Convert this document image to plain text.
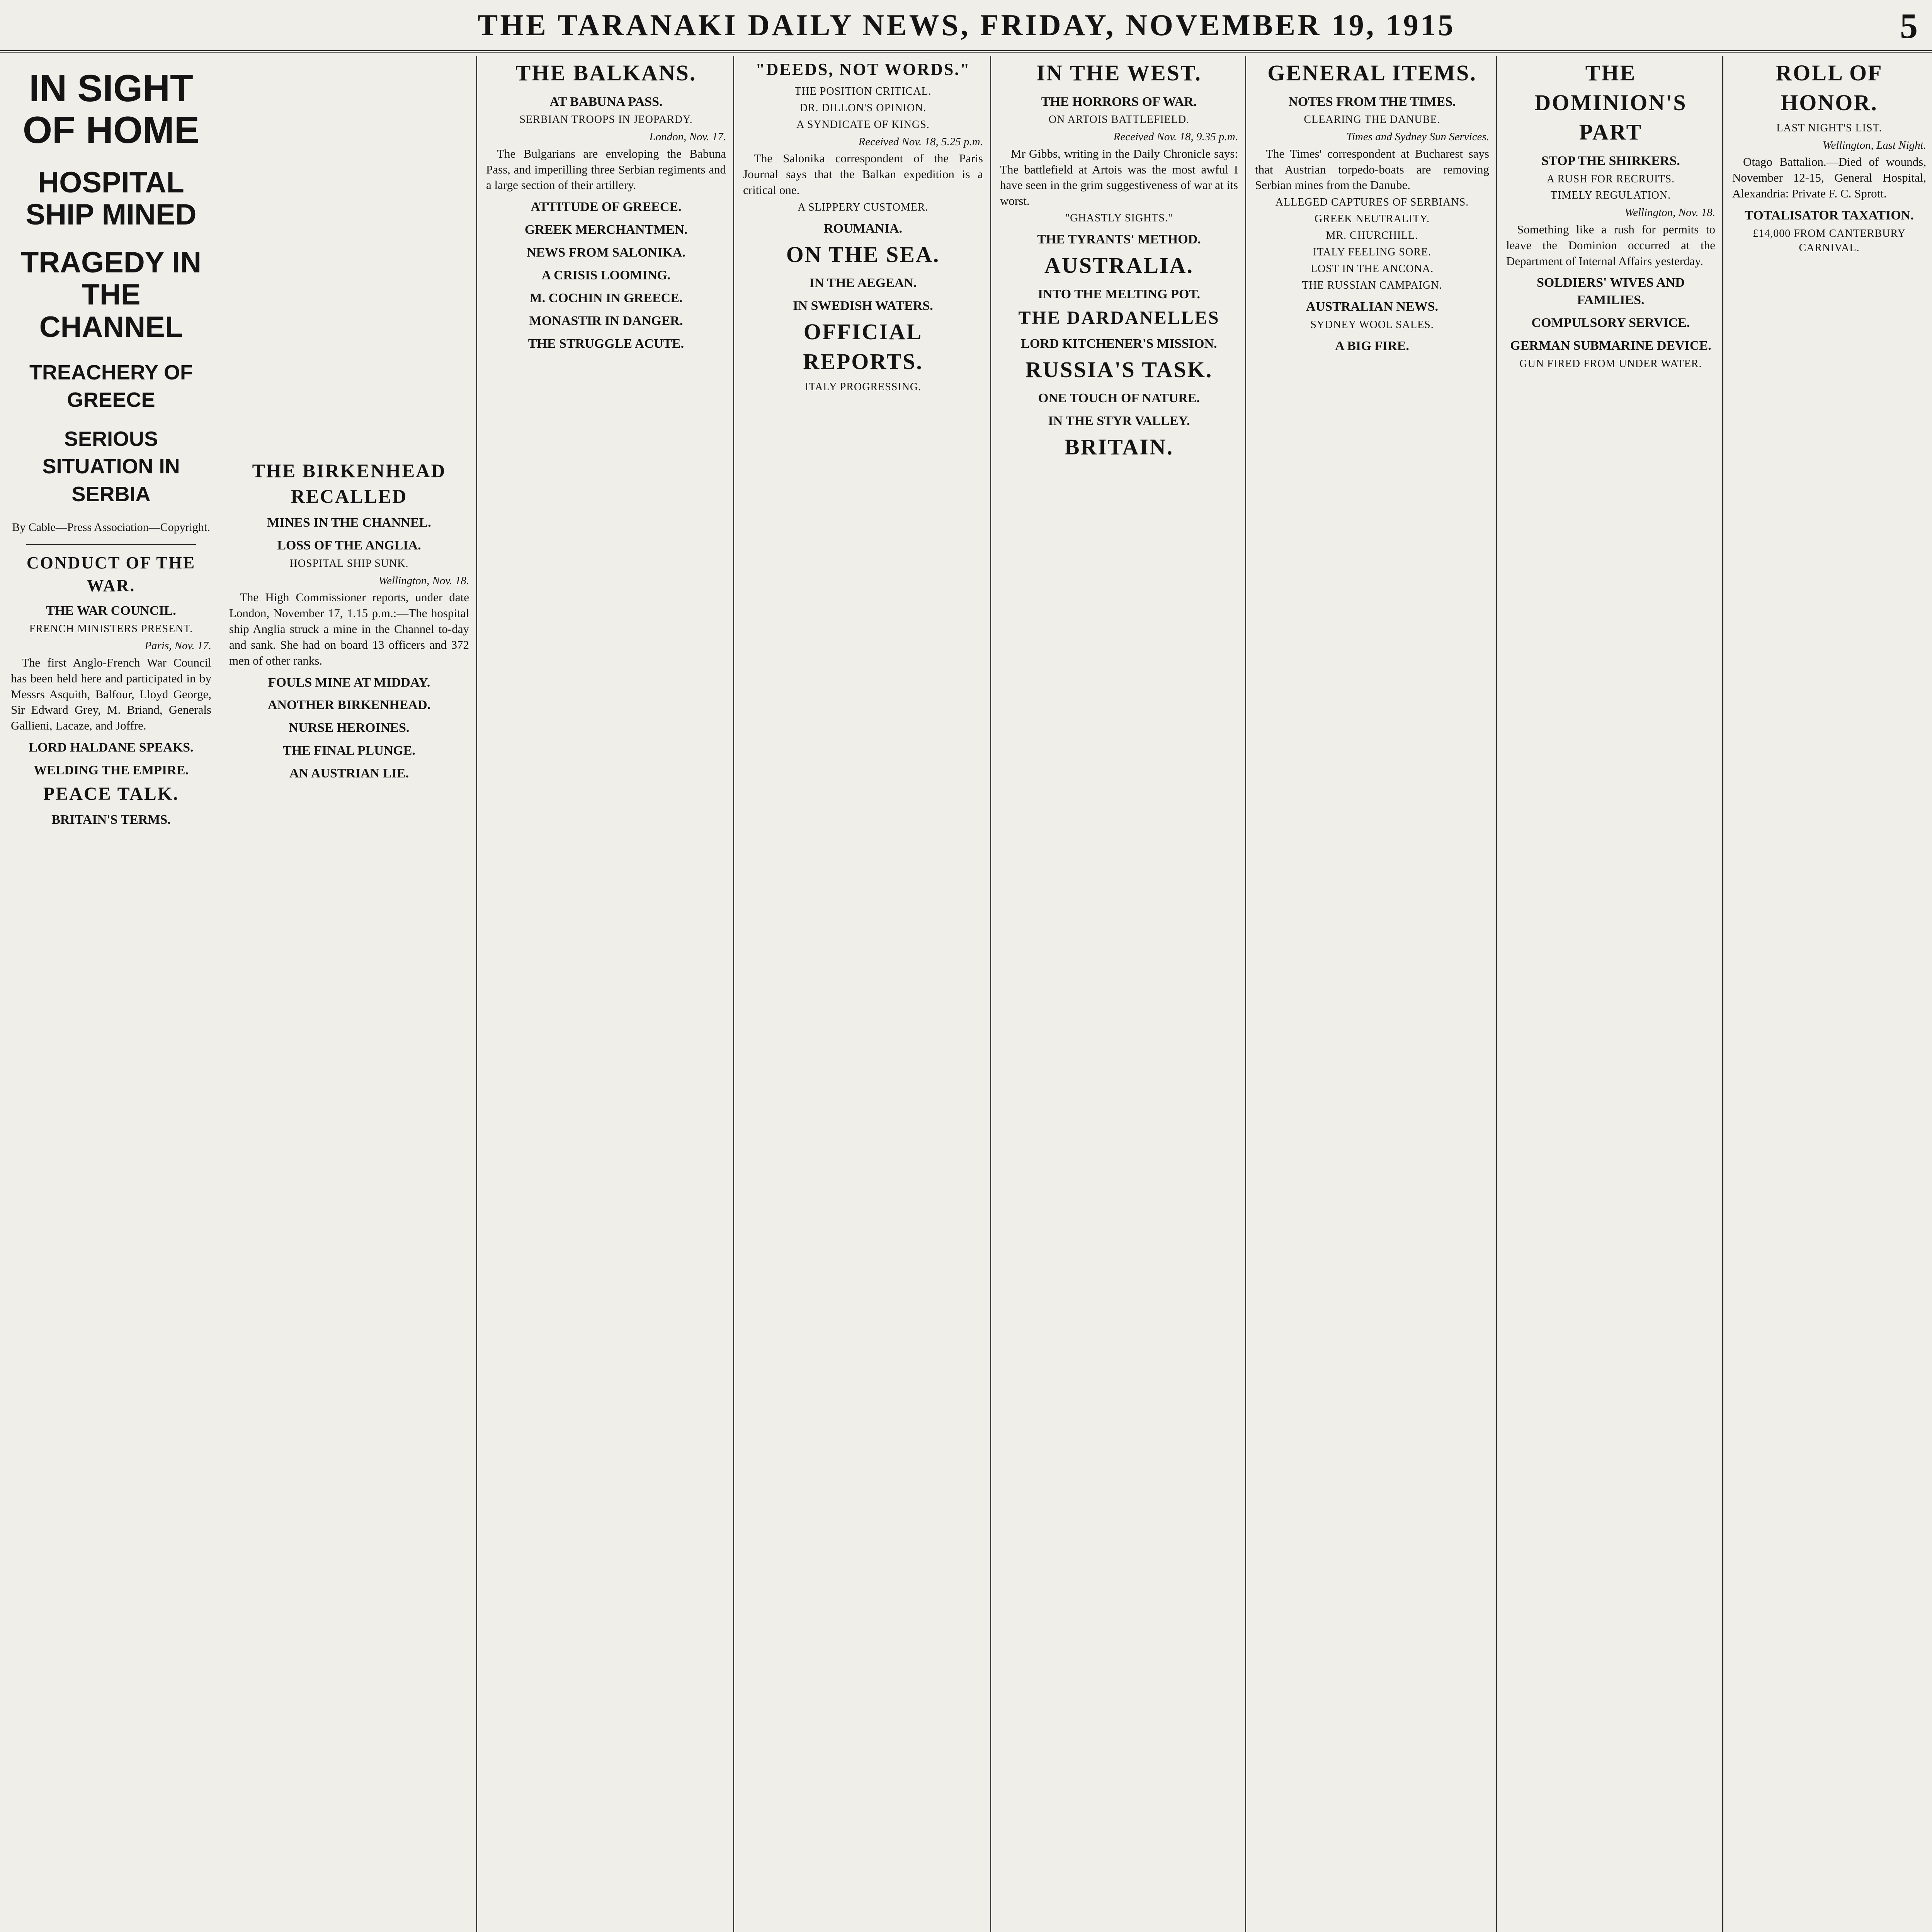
THE TARANAKI DAILY NEWS, FRIDAY, NOVEMBER 19, 1915	5
IN SIGHT OF HOME
HOSPITAL SHIP MINED
TRAGEDY IN THE CHANNEL
TREACHERY OF GREECE
SERIOUS SITUATION IN SERBIA
By Cable—Press Association—Copyright.
CONDUCT OF THE WAR.
THE WAR COUNCIL.
FRENCH MINISTERS PRESENT.
Paris, Nov. 17.

The first Anglo-French War Council has been held here and participated in by Messrs Asquith, Balfour, Lloyd George, Sir Edward Grey, M. Briand, Generals Gallieni, Lacaze, and Joffre.

LORD HALDANE SPEAKS.
WELDING THE EMPIRE.
PEACE TALK.
BRITAIN'S TERMS.
THE BIRKENHEAD RECALLED
MINES IN THE CHANNEL.
LOSS OF THE ANGLIA.
HOSPITAL SHIP SUNK.
Wellington, Nov. 18.

The High Commissioner reports, under date London, November 17, 1.15 p.m.:—The hospital ship Anglia struck a mine in the Channel to-day and sank. She had on board 13 officers and 372 men of other ranks.

FOULS MINE AT MIDDAY.
ANOTHER BIRKENHEAD.
NURSE HEROINES.
THE FINAL PLUNGE.
AN AUSTRIAN LIE.
THE BALKANS.
AT BABUNA PASS.
SERBIAN TROOPS IN JEOPARDY.
London, Nov. 17.

The Bulgarians are enveloping the Babuna Pass, and imperilling three Serbian regiments and a large section of their artillery.

ATTITUDE OF GREECE.
GREEK MERCHANTMEN.
NEWS FROM SALONIKA.
A CRISIS LOOMING.
M. COCHIN IN GREECE.
MONASTIR IN DANGER.
THE STRUGGLE ACUTE.
"DEEDS, NOT WORDS."
THE POSITION CRITICAL.
DR. DILLON'S OPINION.
A SYNDICATE OF KINGS.
Received Nov. 18, 5.25 p.m.

The Salonika correspondent of the Paris Journal says that the Balkan expedition is a critical one.

A SLIPPERY CUSTOMER.
ROUMANIA.
ON THE SEA.
IN THE AEGEAN.
IN SWEDISH WATERS.
OFFICIAL REPORTS.
ITALY PROGRESSING.
IN THE WEST.
THE HORRORS OF WAR.
ON ARTOIS BATTLEFIELD.
Received Nov. 18, 9.35 p.m.

Mr Gibbs, writing in the Daily Chronicle says: The battlefield at Artois was the most awful I have seen in the grim suggestiveness of war at its worst.

"GHASTLY SIGHTS."
THE TYRANTS' METHOD.
AUSTRALIA.
INTO THE MELTING POT.
THE DARDANELLES
LORD KITCHENER'S MISSION.
RUSSIA'S TASK.
ONE TOUCH OF NATURE.
IN THE STYR VALLEY.
BRITAIN.
GENERAL ITEMS.
NOTES FROM THE TIMES.
CLEARING THE DANUBE.
Times and Sydney Sun Services.

The Times' correspondent at Bucharest says that Austrian torpedo-boats are removing Serbian mines from the Danube.

ALLEGED CAPTURES OF SERBIANS.
GREEK NEUTRALITY.
MR. CHURCHILL.
ITALY FEELING SORE.
LOST IN THE ANCONA.
THE RUSSIAN CAMPAIGN.
AUSTRALIAN NEWS.
SYDNEY WOOL SALES.
A BIG FIRE.
THE DOMINION'S PART
STOP THE SHIRKERS.
A RUSH FOR RECRUITS.
TIMELY REGULATION.
Wellington, Nov. 18.

Something like a rush for permits to leave the Dominion occurred at the Department of Internal Affairs yesterday.

SOLDIERS' WIVES AND FAMILIES.
COMPULSORY SERVICE.
GERMAN SUBMARINE DEVICE.
GUN FIRED FROM UNDER WATER.
ROLL OF HONOR.
LAST NIGHT'S LIST.
Wellington, Last Night.

Otago Battalion.—Died of wounds, November 12-15, General Hospital, Alexandria: Private F. C. Sprott.

TOTALISATOR TAXATION.
£14,000 FROM CANTERBURY CARNIVAL.
